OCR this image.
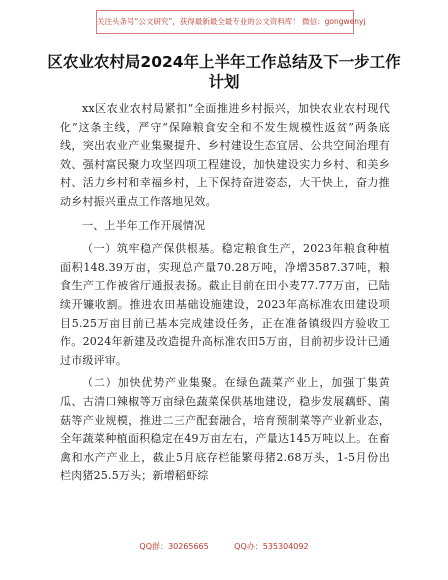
关注头条号“公文研究”，获得最新最全最专业的公文资料库！ 微信：gongwenyj
区农业农村局2024年上半年工作总结及下一步工作计划

xx区农业农村局紧扣“全面推进乡村振兴，加快农业农村现代化”这条主线，严守“保障粮食安全和不发生规模性返贫”两条底线，突出农业产业集聚提升、乡村建设生态宜居、公共空间治理有效、强村富民聚力攻坚四项工程建设，加快建设实力乡村、和美乡村、活力乡村和幸福乡村，上下保持奋进姿态，大干快上，奋力推动乡村振兴重点工作落地见效。

一、上半年工作开展情况

（一）筑牢稳产保供根基。稳定粮食生产，2023年粮食种植面积148.39万亩，实现总产量70.28万吨，净增3587.37吨，粮食生产工作被省厅通报表扬。截止目前在田小麦77.77万亩，已陆续开镰收割。推进农田基础设施建设，2023年高标准农田建设项目5.25万亩目前已基本完成建设任务，正在准备镇级四方验收工作。2024年新建及改造提升高标准农田5万亩，目前初步设计已通过市级评审。

（二）加快优势产业集聚。在绿色蔬菜产业上，加强丁集黄瓜、古清口辣椒等万亩绿色蔬菜保供基地建设，稳步发展藕虾、菌菇等产业规模，推进二三产配套融合，培育预制菜等产业新业态，全年蔬菜种植面积稳定在49万亩左右，产量达145万吨以上。在畜禽和水产产业上，截止5月底存栏能繁母猪2.68万头，1-5月份出栏肉猪25.5万头；新增稻虾综

QQ群：30265665          QQ办：535304092
